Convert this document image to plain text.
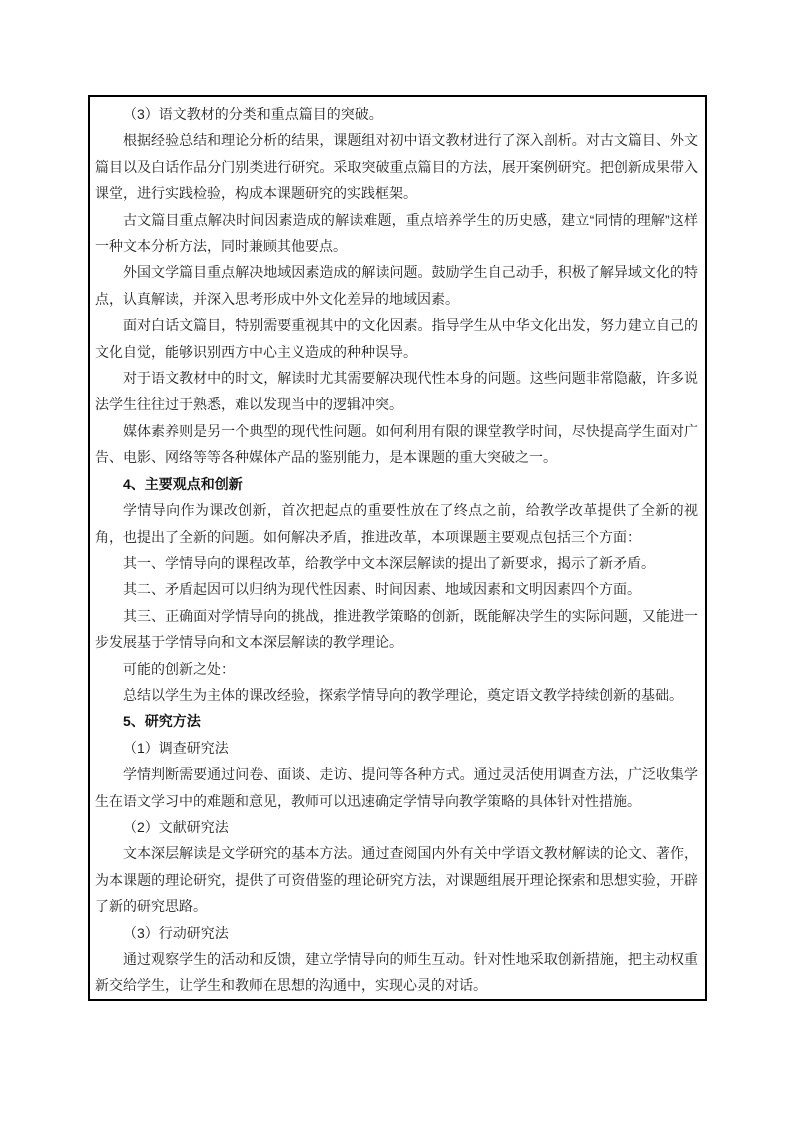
（3）语文教材的分类和重点篇目的突破。

根据经验总结和理论分析的结果，课题组对初中语文教材进行了深入剖析。对古文篇目、外文篇目以及白话作品分门别类进行研究。采取突破重点篇目的方法，展开案例研究。把创新成果带入课堂，进行实践检验，构成本课题研究的实践框架。

古文篇目重点解决时间因素造成的解读难题，重点培养学生的历史感，建立“同情的理解”这样一种文本分析方法，同时兼顾其他要点。

外国文学篇目重点解决地域因素造成的解读问题。鼓励学生自己动手，积极了解异域文化的特点，认真解读，并深入思考形成中外文化差异的地域因素。

面对白话文篇目，特别需要重视其中的文化因素。指导学生从中华文化出发，努力建立自己的文化自觉，能够识别西方中心主义造成的种种误导。

对于语文教材中的时文，解读时尤其需要解决现代性本身的问题。这些问题非常隐蔽，许多说法学生往往过于熟悉，难以发现当中的逻辑冲突。

媒体素养则是另一个典型的现代性问题。如何利用有限的课堂教学时间，尽快提高学生面对广告、电影、网络等等各种媒体产品的鉴别能力，是本课题的重大突破之一。

4、主要观点和创新

学情导向作为课改创新，首次把起点的重要性放在了终点之前，给教学改革提供了全新的视角，也提出了全新的问题。如何解决矛盾，推进改革，本项课题主要观点包括三个方面：

其一、学情导向的课程改革，给教学中文本深层解读的提出了新要求，揭示了新矛盾。

其二、矛盾起因可以归纳为现代性因素、时间因素、地域因素和文明因素四个方面。

其三、正确面对学情导向的挑战，推进教学策略的创新，既能解决学生的实际问题，又能进一步发展基于学情导向和文本深层解读的教学理论。

可能的创新之处：

总结以学生为主体的课改经验，探索学情导向的教学理论，奠定语文教学持续创新的基础。

5、研究方法

（1）调查研究法

学情判断需要通过问卷、面谈、走访、提问等各种方式。通过灵活使用调查方法，广泛收集学生在语文学习中的难题和意见，教师可以迅速确定学情导向教学策略的具体针对性措施。

（2）文献研究法

文本深层解读是文学研究的基本方法。通过查阅国内外有关中学语文教材解读的论文、著作，为本课题的理论研究，提供了可资借鉴的理论研究方法，对课题组展开理论探索和思想实验，开辟了新的研究思路。

（3）行动研究法

通过观察学生的活动和反馈，建立学情导向的师生互动。针对性地采取创新措施，把主动权重新交给学生，让学生和教师在思想的沟通中，实现心灵的对话。
